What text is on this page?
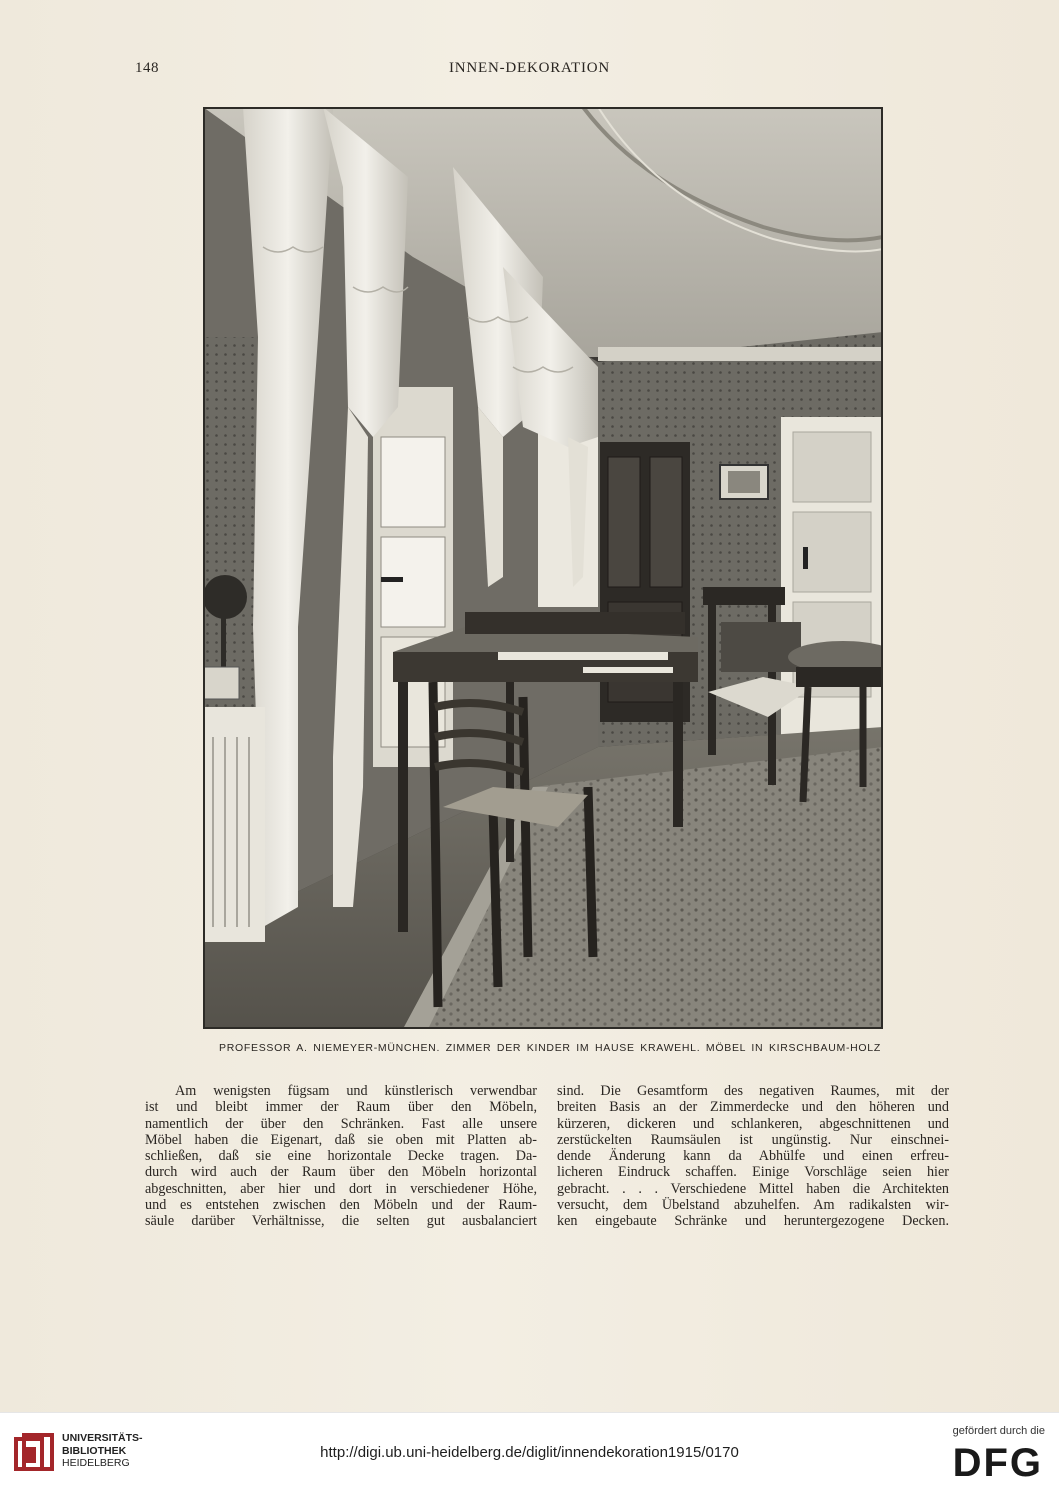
148	INNEN-DEKORATION
PROFESSOR A. NIEMEYER-MÜNCHEN. ZIMMER DER KINDER IM HAUSE KRAWEHL. MÖBEL IN KIRSCHBAUM-HOLZ
Am wenigsten fügsam und künstlerisch verwendbar
ist und bleibt immer der Raum über den Möbeln,
namentlich der über den Schränken. Fast alle unsere
Möbel haben die Eigenart, daß sie oben mit Platten ab-
schließen, daß sie eine horizontale Decke tragen. Da-
durch wird auch der Raum über den Möbeln horizontal
abgeschnitten, aber hier und dort in verschiedener Höhe,
und es entstehen zwischen den Möbeln und der Raum-
säule darüber Verhältnisse, die selten gut ausbalanciert
sind. Die Gesamtform des negativen Raumes, mit der
breiten Basis an der Zimmerdecke und den höheren und
kürzeren, dickeren und schlankeren, abgeschnittenen und
zerstückelten Raumsäulen ist ungünstig. Nur einschnei-
dende Änderung kann da Abhülfe und einen erfreu-
licheren Eindruck schaffen. Einige Vorschläge seien hier
gebracht. . . . Verschiedene Mittel haben die Architekten
versucht, dem Übelstand abzuhelfen. Am radikalsten wir-
ken eingebaute Schränke und heruntergezogene Decken.
UNIVERSITÄTS-
BIBLIOTHEK
HEIDELBERG
http://digi.ub.uni-heidelberg.de/diglit/innendekoration1915/0170
gefördert durch die
DFG
